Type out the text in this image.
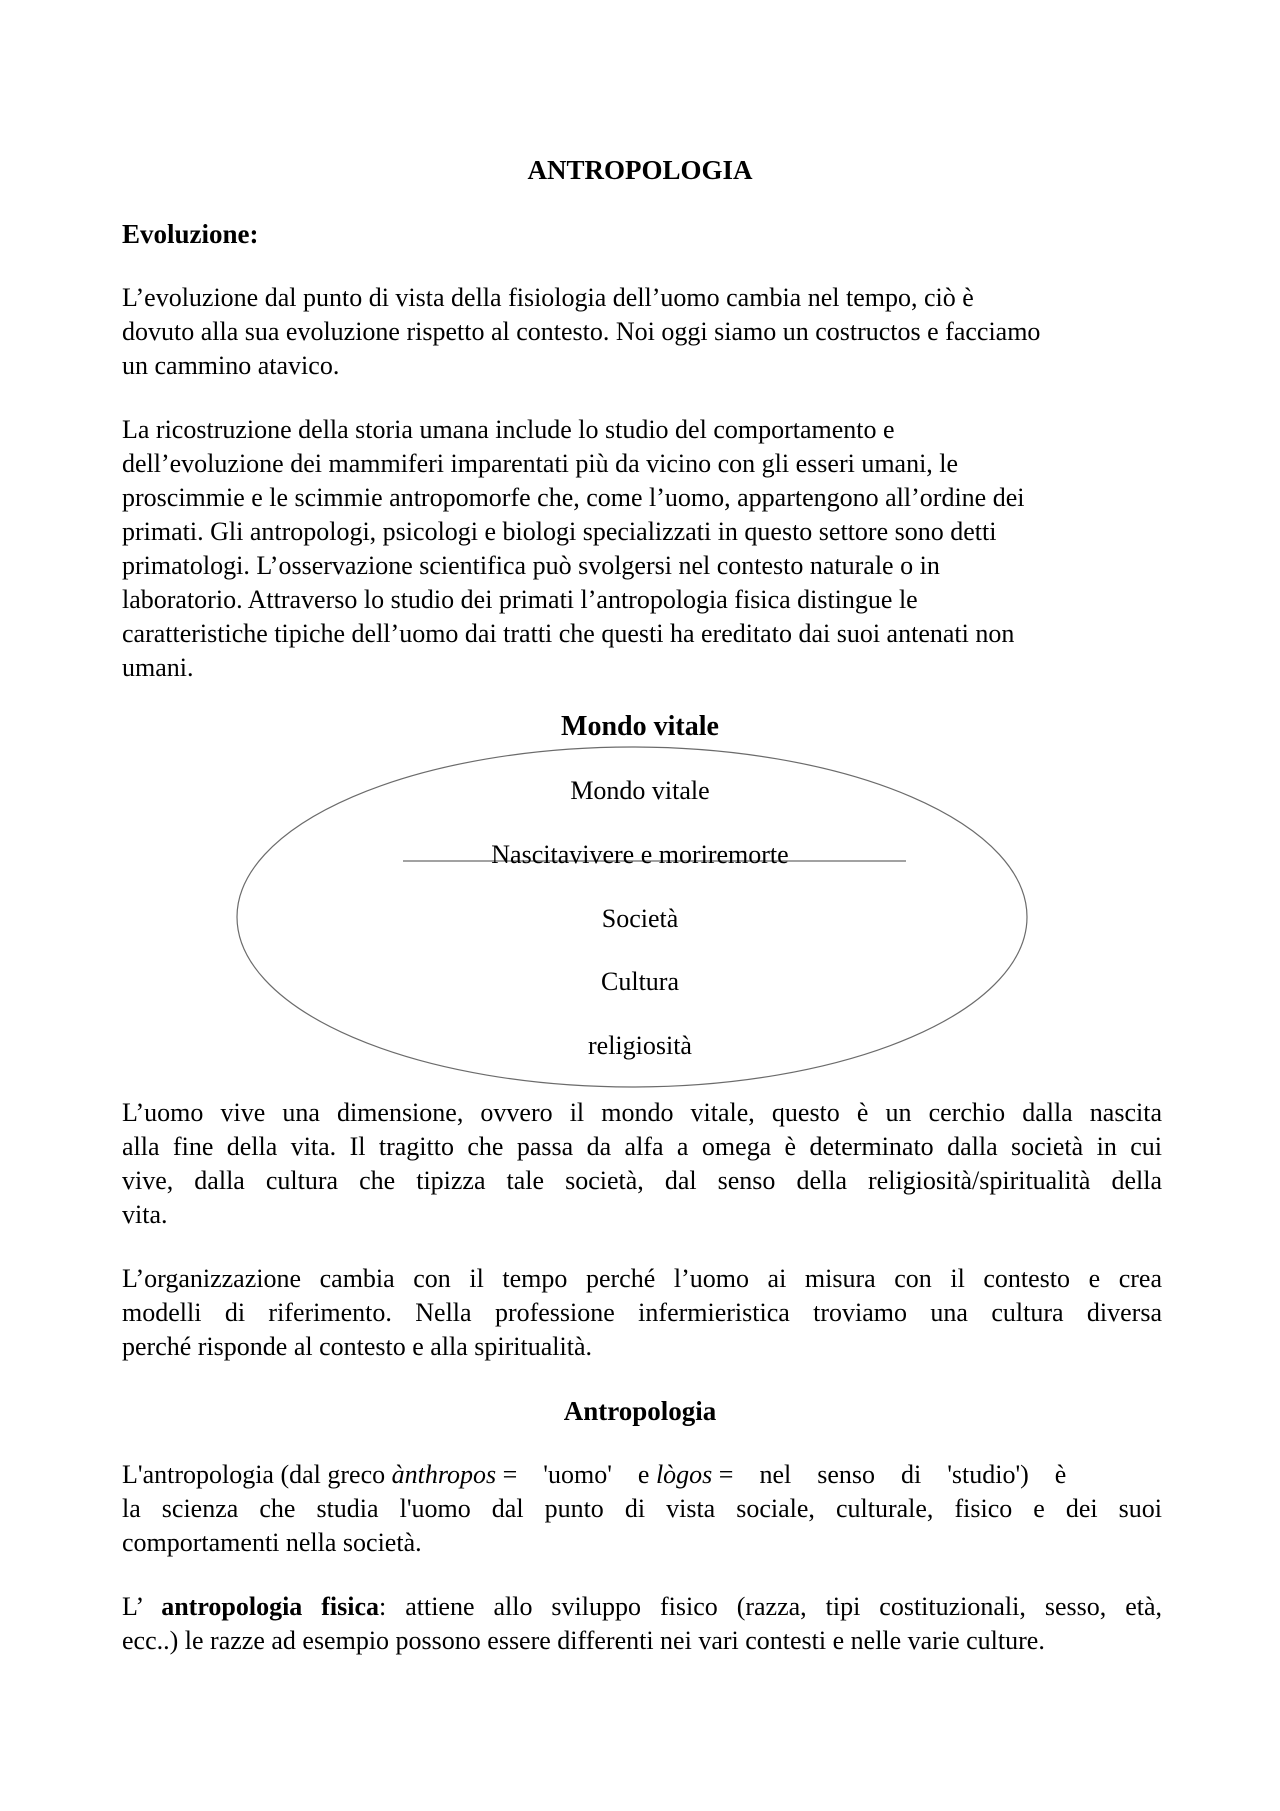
ANTROPOLOGIA
Evoluzione:

L’evoluzione dal punto di vista della fisiologia dell’uomo cambia nel tempo, ciò è
dovuto alla sua evoluzione rispetto al contesto. Noi oggi siamo un costructos e facciamo
un cammino atavico.

La ricostruzione della storia umana include lo studio del comportamento e
dell’evoluzione dei mammiferi imparentati più da vicino con gli esseri umani, le
proscimmie e le scimmie antropomorfe che, come l’uomo, appartengono all’ordine dei
primati. Gli antropologi, psicologi e biologi specializzati in questo settore sono detti
primatologi. L’osservazione scientifica può svolgersi nel contesto naturale o in
laboratorio. Attraverso lo studio dei primati l’antropologia fisica distingue le
caratteristiche tipiche dell’uomo dai tratti che questi ha ereditato dai suoi antenati non
umani.

Mondo vitale
Mondo vitale
Nascitavivere e moriremorte
Società
Cultura
religiosità

L’uomo vive una dimensione, ovvero il mondo vitale, questo è un cerchio dalla nascita
alla fine della vita. Il tragitto che passa da alfa a omega è determinato dalla società in cui
vive, dalla cultura che tipizza tale società, dal senso della religiosità/spiritualità della
vita.

L’organizzazione cambia con il tempo perché l’uomo ai misura con il contesto e crea
modelli di riferimento. Nella professione infermieristica troviamo una cultura diversa
perché risponde al contesto e alla spiritualità.

Antropologia

L'antropologia (dal greco ànthropos =    'uomo'    e lògos =    nel    senso    di    'studio')    è
la scienza che studia l'uomo dal punto di vista sociale, culturale, fisico e dei suoi
comportamenti nella società.

L’ antropologia fisica: attiene allo sviluppo fisico (razza, tipi costituzionali, sesso, età,
ecc..) le razze ad esempio possono essere differenti nei vari contesti e nelle varie culture.
